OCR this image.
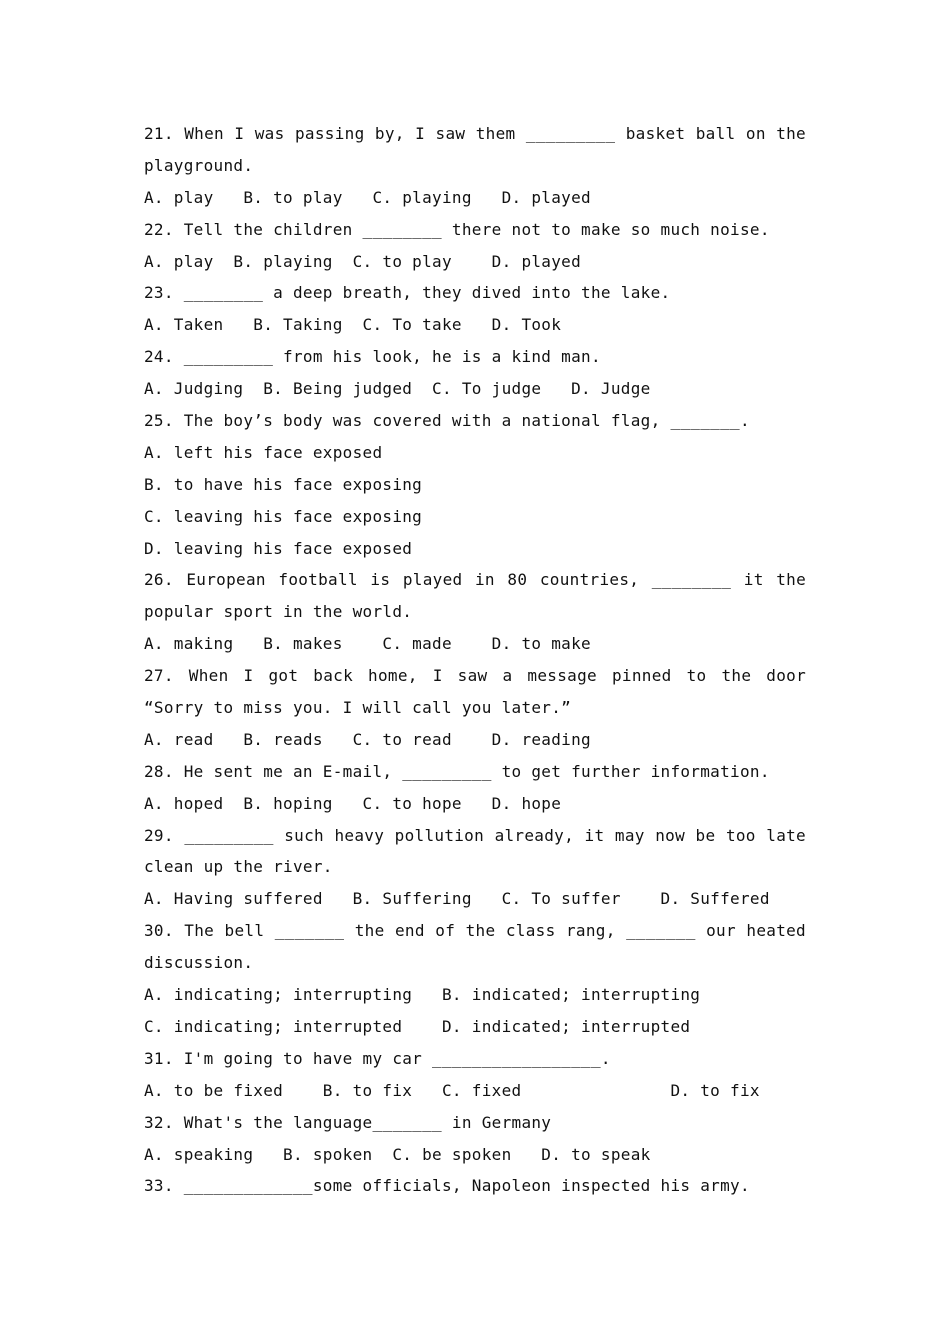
21. When I was passing by, I saw them _________ basket ball on the
playground.
A. play   B. to play   C. playing   D. played
22. Tell the children ________ there not to make so much noise.
A. play  B. playing  C. to play    D. played
23. ________ a deep breath, they dived into the lake.
A. Taken   B. Taking  C. To take   D. Took
24. _________ from his look, he is a kind man.
A. Judging  B. Being judged  C. To judge   D. Judge
25. The boy’s body was covered with a national flag, _______.
A. left his face exposed
B. to have his face exposing
C. leaving his face exposing
D. leaving his face exposed
26. European football is played in 80 countries, ________ it the
popular sport in the world.
A. making   B. makes    C. made    D. to make
27. When I got back home, I saw a message pinned to the door
“Sorry to miss you. I will call you later.”
A. read   B. reads   C. to read    D. reading
28. He sent me an E-mail, _________ to get further information.
A. hoped  B. hoping   C. to hope   D. hope
29. _________ such heavy pollution already, it may now be too late
clean up the river.
A. Having suffered   B. Suffering   C. To suffer    D. Suffered
30. The bell _______ the end of the class rang, _______ our heated
discussion.
A. indicating; interrupting   B. indicated; interrupting
C. indicating; interrupted    D. indicated; interrupted
31. I'm going to have my car _________________.
A. to be fixed    B. to fix   C. fixed               D. to fix
32. What's the language_______ in Germany
A. speaking   B. spoken  C. be spoken   D. to speak
33. _____________some officials, Napoleon inspected his army.
